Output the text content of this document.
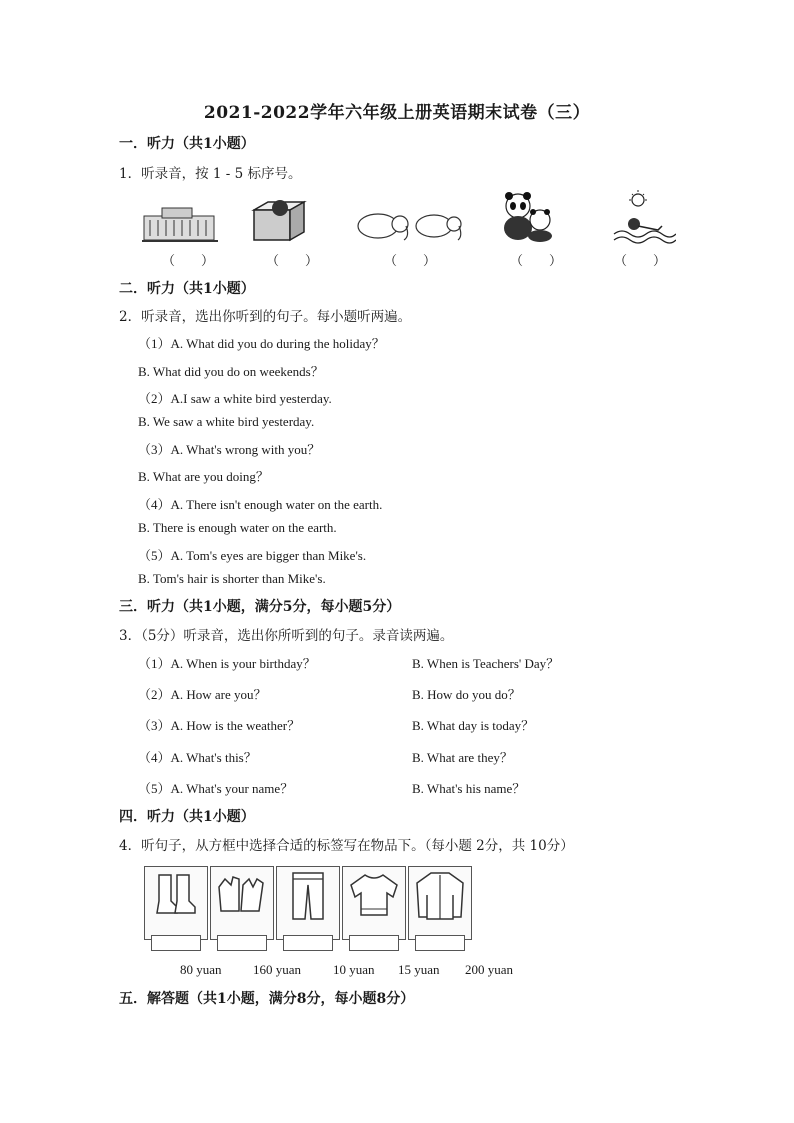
2021-2022学年六年级上册英语期末试卷（三）
一．听力（共1小题）
1．听录音，按 1 - 5 标序号。
（　　）	（　　）	（　　）	（　　）	（　　）
二．听力（共1小题）
2．听录音，选出你听到的句子。每小题听两遍。
（1）A. What did you do during the holiday？
B. What did you do on weekends？
（2）A.I saw a white bird yesterday.
B. We saw a white bird yesterday.
（3）A. What's wrong with you？
B. What are you doing？
（4）A. There isn't enough water on the earth.
B. There is enough water on the earth.
（5）A. Tom's eyes are bigger than Mike's.
B. Tom's hair is shorter than Mike's.
三．听力（共1小题，满分5分，每小题5分）
3．（5分）听录音，选出你所听到的句子。录音读两遍。
（1）A. When is your birthday？	B. When is Teachers' Day？
（2）A. How are you？	B. How do you do？
（3）A. How is the weather？	B. What day is today？
（4）A. What's this？	B. What are they？
（5）A. What's your name？	B. What's his name？
四．听力（共1小题）
4．听句子，从方框中选择合适的标签写在物品下。（每小题 2分，共 10分）
80 yuan 160 yuan 10 yuan 15 yuan 200 yuan
五．解答题（共1小题，满分8分，每小题8分）
